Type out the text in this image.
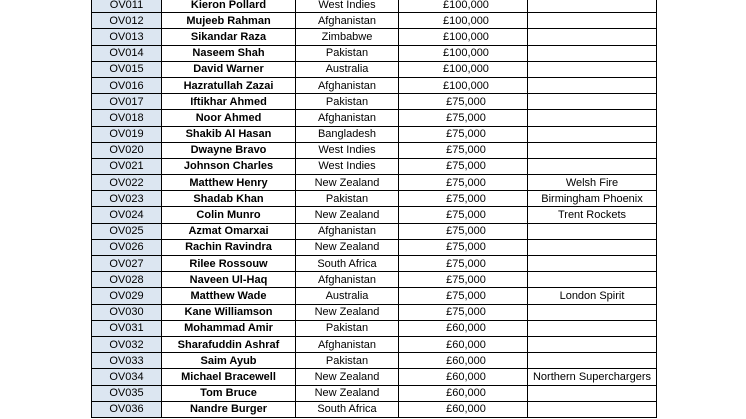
OV011	Kieron Pollard	West Indies	£100,000	
OV012	Mujeeb Rahman	Afghanistan	£100,000	
OV013	Sikandar Raza	Zimbabwe	£100,000	
OV014	Naseem Shah	Pakistan	£100,000	
OV015	David Warner	Australia	£100,000	
OV016	Hazratullah Zazai	Afghanistan	£100,000	
OV017	Iftikhar Ahmed	Pakistan	£75,000	
OV018	Noor Ahmed	Afghanistan	£75,000	
OV019	Shakib Al Hasan	Bangladesh	£75,000	
OV020	Dwayne Bravo	West Indies	£75,000	
OV021	Johnson Charles	West Indies	£75,000	
OV022	Matthew Henry	New Zealand	£75,000	Welsh Fire
OV023	Shadab Khan	Pakistan	£75,000	Birmingham Phoenix
OV024	Colin Munro	New Zealand	£75,000	Trent Rockets
OV025	Azmat Omarxai	Afghanistan	£75,000	
OV026	Rachin Ravindra	New Zealand	£75,000	
OV027	Rilee Rossouw	South Africa	£75,000	
OV028	Naveen Ul-Haq	Afghanistan	£75,000	
OV029	Matthew Wade	Australia	£75,000	London Spirit
OV030	Kane Williamson	New Zealand	£75,000	
OV031	Mohammad Amir	Pakistan	£60,000	
OV032	Sharafuddin Ashraf	Afghanistan	£60,000	
OV033	Saim Ayub	Pakistan	£60,000	
OV034	Michael Bracewell	New Zealand	£60,000	Northern Superchargers
OV035	Tom Bruce	New Zealand	£60,000	
OV036	Nandre Burger	South Africa	£60,000	
